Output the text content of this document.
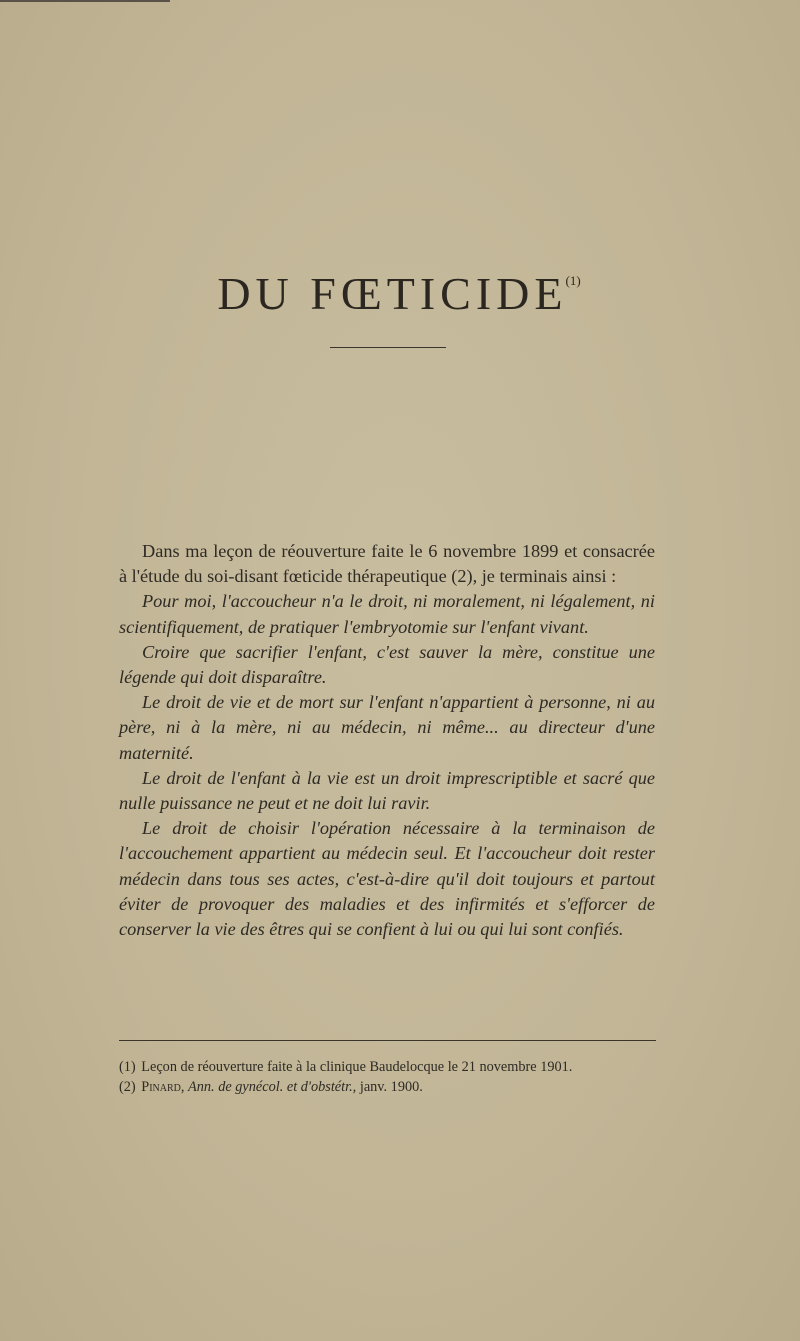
DU FŒTICIDE$^{(1)}$

Dans ma leçon de réouverture faite le 6 novembre 1899 et consacrée à l'étude du soi-disant fœticide thérapeutique (2), je terminais ainsi :

Pour moi, l'accoucheur n'a le droit, ni moralement, ni légalement, ni scientifiquement, de pratiquer l'embryotomie sur l'enfant vivant.

Croire que sacrifier l'enfant, c'est sauver la mère, constitue une légende qui doit disparaître.

Le droit de vie et de mort sur l'enfant n'appartient à personne, ni au père, ni à la mère, ni au médecin, ni même... au directeur d'une maternité.

Le droit de l'enfant à la vie est un droit imprescriptible et sacré que nulle puissance ne peut et ne doit lui ravir.

Le droit de choisir l'opération nécessaire à la terminaison de l'accouchement appartient au médecin seul. Et l'accoucheur doit rester médecin dans tous ses actes, c'est-à-dire qu'il doit toujours et partout éviter de provoquer des maladies et des infirmités et s'efforcer de conserver la vie des êtres qui se confient à lui ou qui lui sont confiés.

(1) Leçon de réouverture faite à la clinique Baudelocque le 21 novembre 1901.

(2) Pinard, Ann. de gynécol. et d'obstétr., janv. 1900.
